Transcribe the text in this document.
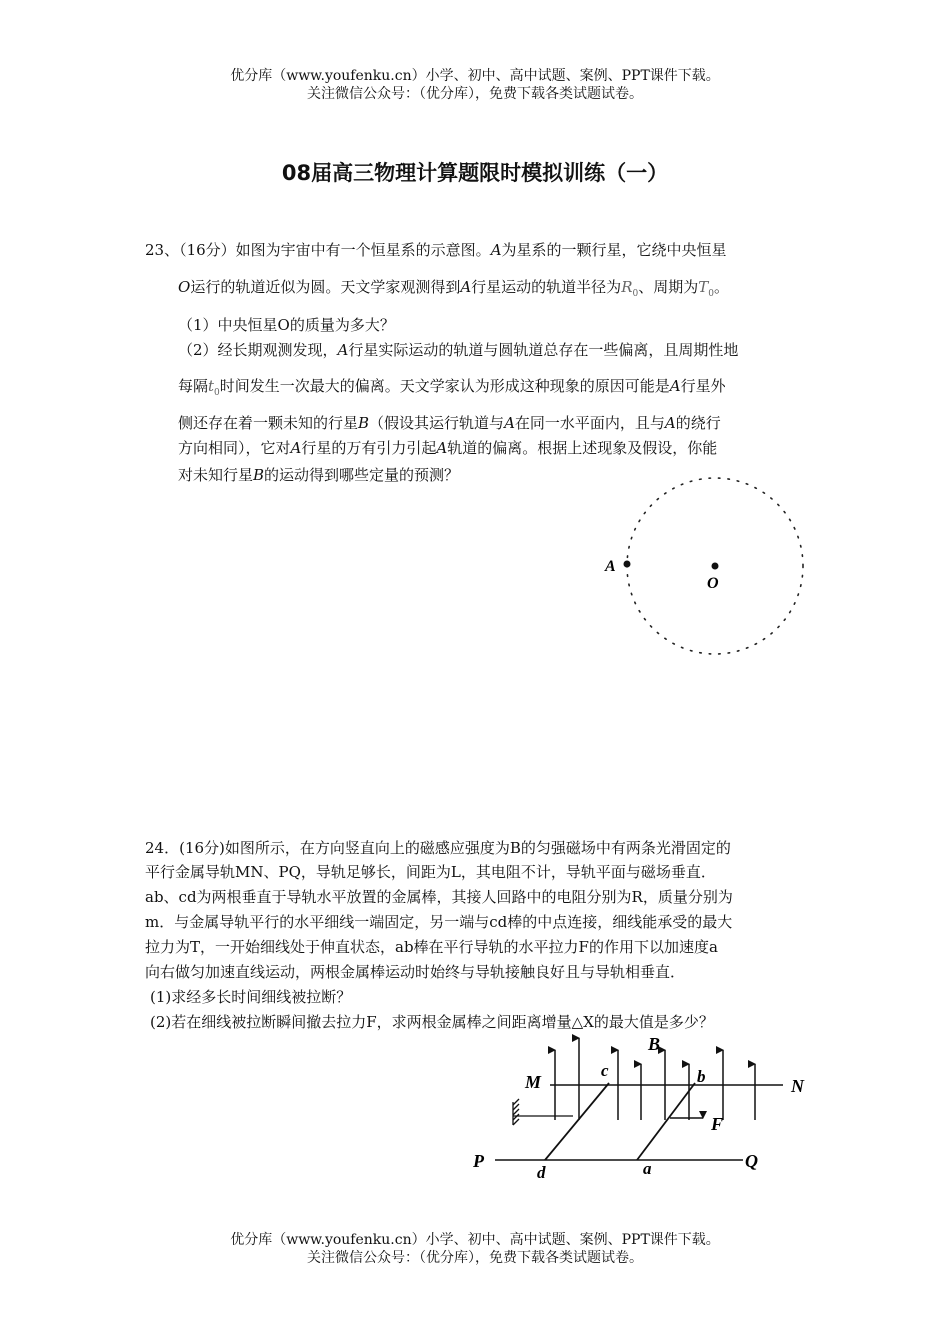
优分库（www.youfenku.cn）小学、初中、高中试题、案例、PPT课件下载。
关注微信公众号：（优分库），免费下载各类试题试卷。
08届高三物理计算题限时模拟训练（一）
23、（16分）如图为宇宙中有一个恒星系的示意图。A为星系的一颗行星，它绕中央恒星
O运行的轨道近似为圆。天文学家观测得到A行星运动的轨道半径为$R_0$、周期为$T_0$。
（1）中央恒星O的质量为多大？
（2）经长期观测发现，A行星实际运动的轨道与圆轨道总存在一些偏离，且周期性地
每隔$t_0$时间发生一次最大的偏离。天文学家认为形成这种现象的原因可能是A行星外
侧还存在着一颗未知的行星B（假设其运行轨道与A在同一水平面内，且与A的绕行
方向相同），它对A行星的万有引力引起A轨道的偏离。根据上述现象及假设，你能
对未知行星B的运动得到哪些定量的预测？
A
O
24．(16分)如图所示，在方向竖直向上的磁感应强度为B的匀强磁场中有两条光滑固定的
平行金属导轨MN、PQ，导轨足够长，间距为L，其电阻不计，导轨平面与磁场垂直．
ab、cd为两根垂直于导轨水平放置的金属棒，其接人回路中的电阻分别为R，质量分别为
m．与金属导轨平行的水平细线一端固定，另一端与cd棒的中点连接，细线能承受的最大
拉力为T，一开始细线处于伸直状态，ab棒在平行导轨的水平拉力F的作用下以加速度a
向右做匀加速直线运动，两根金属棒运动时始终与导轨接触良好且与导轨相垂直．
(1)求经多长时间细线被拉断？
(2)若在细线被拉断瞬间撤去拉力F，求两根金属棒之间距离增量△X的最大值是多少？
B
M	N
P	Q
c	b
d	a
F
优分库（www.youfenku.cn）小学、初中、高中试题、案例、PPT课件下载。
关注微信公众号：（优分库），免费下载各类试题试卷。
